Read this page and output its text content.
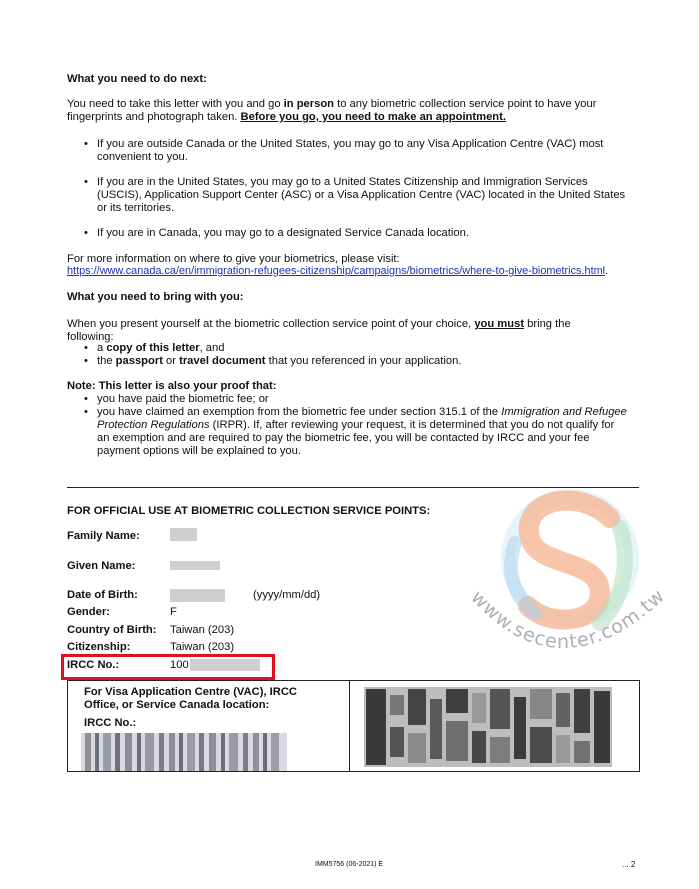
What you need to do next:

You need to take this letter with you and go in person to any biometric collection service point to have your fingerprints and photograph taken. Before you go, you need to make an appointment.

• If you are outside Canada or the United States, you may go to any Visa Application Centre (VAC) most convenient to you.

• If you are in the United States, you may go to a United States Citizenship and Immigration Services (USCIS), Application Support Center (ASC) or a Visa Application Centre (VAC) located in the United States or its territories.

• If you are in Canada, you may go to a designated Service Canada location.

For more information on where to give your biometrics, please visit:

https://www.canada.ca/en/immigration-refugees-citizenship/campaigns/biometrics/where-to-give-biometrics.html.

What you need to bring with you:

When you present yourself at the biometric collection service point of your choice, you must bring the following:

• a copy of this letter, and

• the passport or travel document that you referenced in your application.

Note: This letter is also your proof that:

• you have paid the biometric fee; or

• you have claimed an exemption from the biometric fee under section 315.1 of the Immigration and Refugee Protection Regulations (IRPR). If, after reviewing your request, it is determined that you do not qualify for an exemption and are required to pay the biometric fee, you will be contacted by IRCC and your fee payment options will be explained to you.

FOR OFFICIAL USE AT BIOMETRIC COLLECTION SERVICE POINTS:

Family Name:
Given Name:
Date of Birth:	(yyyy/mm/dd)
Gender:	F
Country of Birth: Taiwan (203)
Citizenship:	Taiwan (203)
IRCC No.:	100

For Visa Application Centre (VAC), IRCC

Office, or Service Canada location:

IRCC No.:

www.secenter.com.tw
IMM5756 (06-2021) E	... 2
